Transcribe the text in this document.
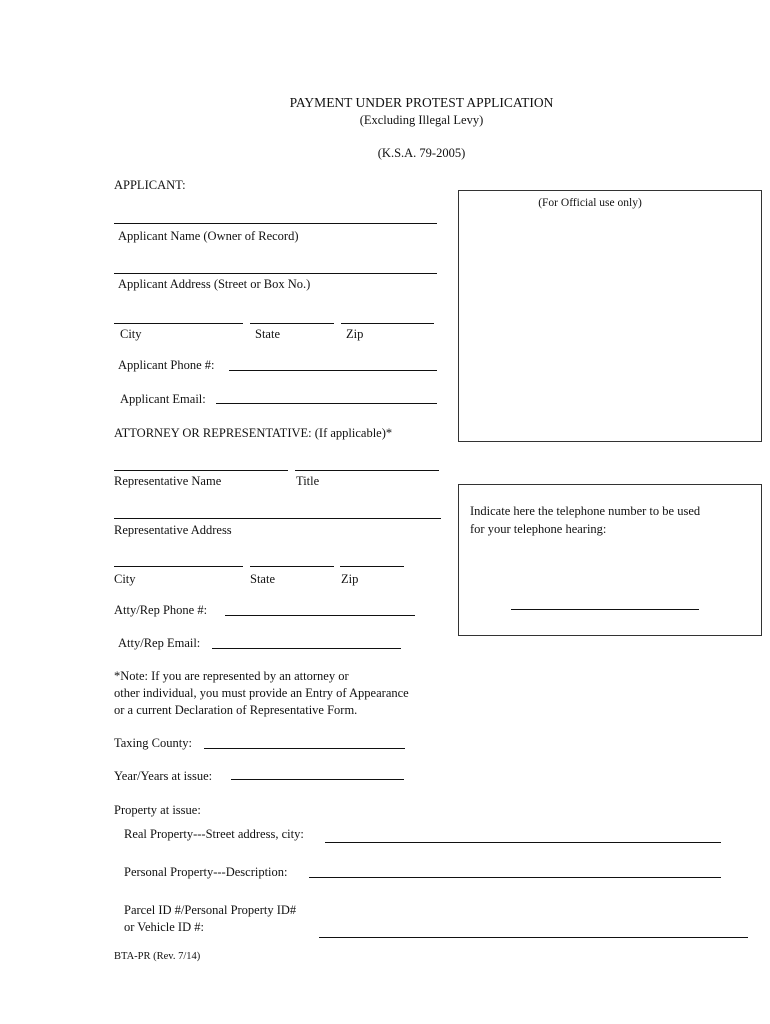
PAYMENT UNDER PROTEST APPLICATION
(Excluding Illegal Levy)
(K.S.A. 79-2005)
APPLICANT:
Applicant Name (Owner of Record)
Applicant Address (Street or Box No.)
City	State	Zip
Applicant Phone #:
Applicant Email:
(For Official use only)
ATTORNEY OR REPRESENTATIVE: (If applicable)*
Representative Name	Title
Representative Address
City	State	Zip
Atty/Rep Phone #:
Atty/Rep Email:
Indicate here the telephone number to be used
for your telephone hearing:
*Note: If you are represented by an attorney or
other individual, you must provide an Entry of Appearance
or a current Declaration of Representative Form.
Taxing County:
Year/Years at issue:
Property at issue:
Real Property---Street address, city:
Personal Property---Description:
Parcel ID #/Personal Property ID#
or Vehicle ID #:
BTA-PR (Rev. 7/14)
